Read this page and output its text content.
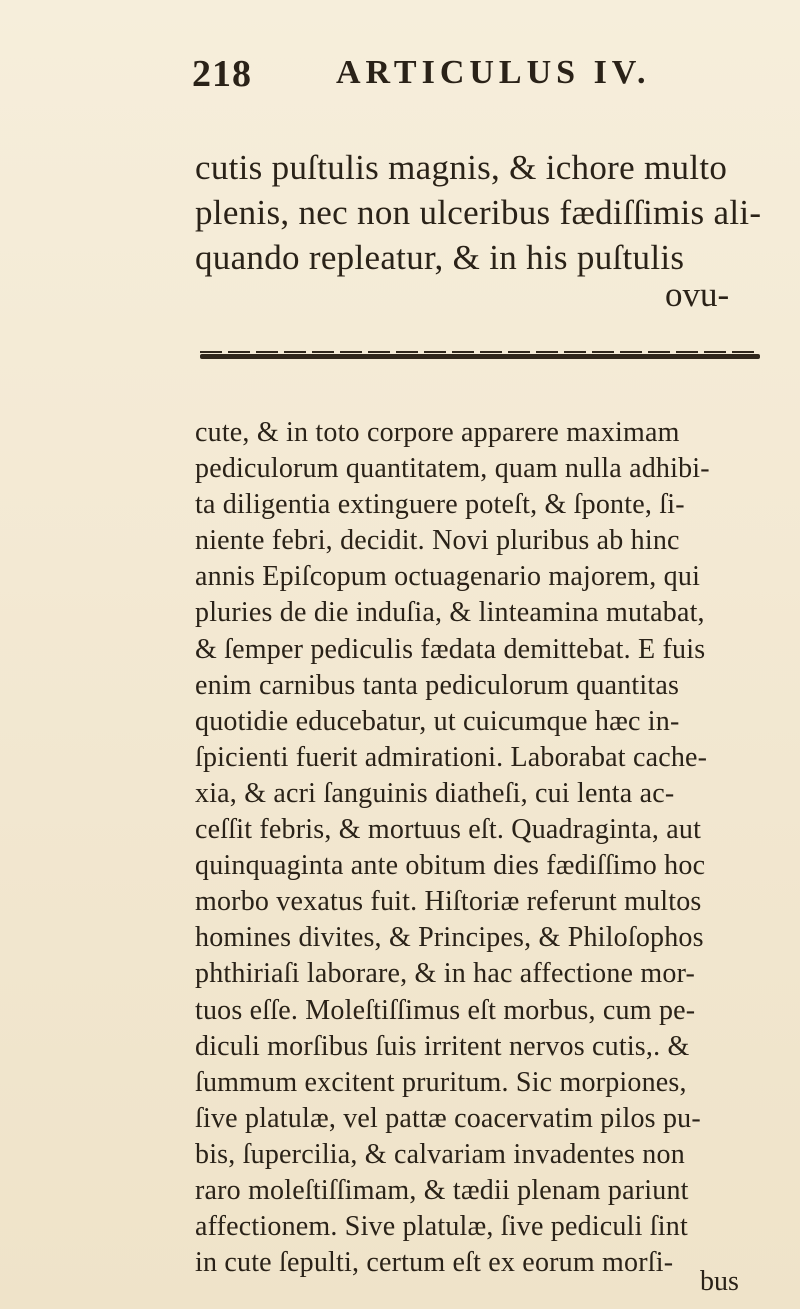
218 ARTICULUS IV.
cutis puſtulis magnis, & ichore multo
plenis, nec non ulceribus fædiſſimis ali-
quando repleatur, & in his puſtulis
ovu-
cute, & in toto corpore apparere maximam
pediculorum quantitatem, quam nulla adhibi-
ta diligentia extinguere poteſt, & ſponte, ſi-
niente febri, decidit. Novi pluribus ab hinc
annis Epiſcopum octuagenario majorem, qui
pluries de die induſia, & linteamina mutabat,
& ſemper pediculis fædata demittebat. E fuis
enim carnibus tanta pediculorum quantitas
quotidie educebatur, ut cuicumque hæc in-
ſpicienti fuerit admirationi. Laborabat cache-
xia, & acri ſanguinis diatheſi, cui lenta ac-
ceſſit febris, & mortuus eſt. Quadraginta, aut
quinquaginta ante obitum dies fædiſſimo hoc
morbo vexatus fuit. Hiſtoriæ referunt multos
homines divites, & Principes, & Philoſophos
phthiriaſi laborare, & in hac affectione mor-
tuos eſſe. Moleſtiſſimus eſt morbus, cum pe-
diculi morſibus ſuis irritent nervos cutis,. &
ſummum excitent pruritum. Sic morpiones,
ſive platulæ, vel pattæ coacervatim pilos pu-
bis, ſupercilia, & calvariam invadentes non
raro moleſtiſſimam, & tædii plenam pariunt
affectionem. Sive platulæ, ſive pediculi ſint
in cute ſepulti, certum eſt ex eorum morſi-
bus
